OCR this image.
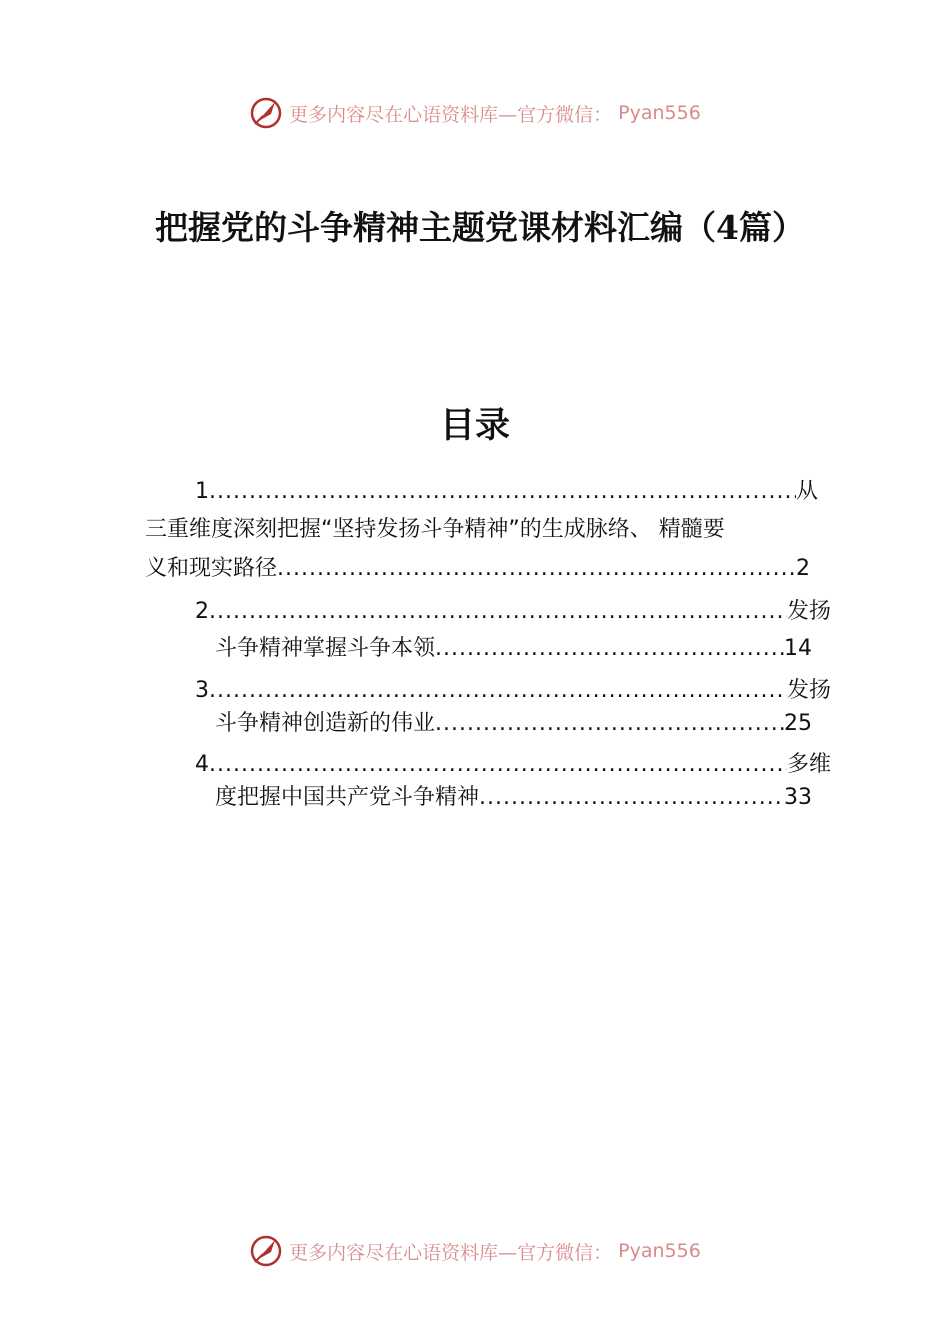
更多内容尽在心语资料库—官方微信： Pyan556
把握党的斗争精神主题党课材料汇编（4篇）
目录
1 .....	从
三重维度深刻把握“坚持发扬斗争精神”的生成脉络、 精髓要
义和现实路径 .....	2
2 .....	发扬
斗争精神掌握斗争本领 .....	14
3 .....	发扬
斗争精神创造新的伟业 .....	25
4 .....	多维
度把握中国共产党斗争精神 .....	33
更多内容尽在心语资料库—官方微信： Pyan556
